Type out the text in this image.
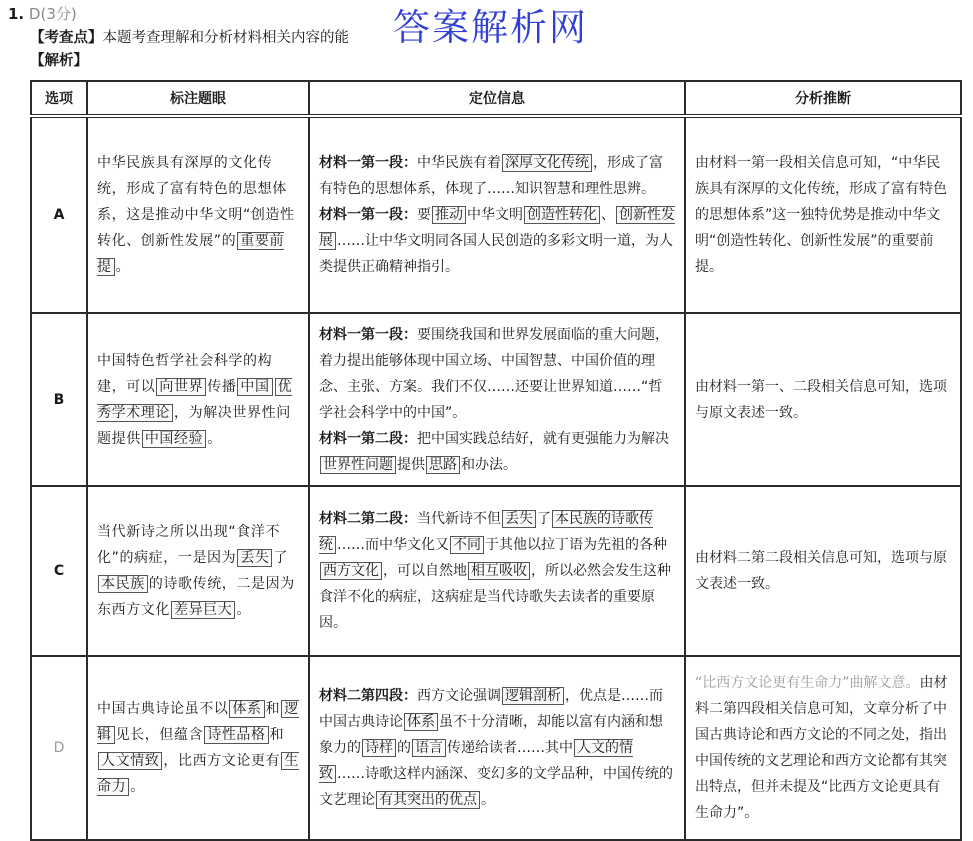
1. D(3分)
【考查点】本题考查理解和分析材料相关内容的能
【解析】
答案解析网
选项	标注题眼	定位信息	分析推断
A	中华民族具有深厚的文化传统，形成了富有特色的思想体系，这是推动中华文明“创造性转化、创新性发展”的 重要前提 。	材料一第一段：中华民族有着 深厚文化传统 ，形成了富有特色的思想体系，体现了……知识智慧和理性思辨。
材料一第一段：要 推动 中华文明 创造性转化 、 创新性发展 ……让中华文明同各国人民创造的多彩文明一道，为人类提供正确精神指引。	由材料一第一段相关信息可知，“中华民族具有深厚的文化传统，形成了富有特色的思想体系”这一独特优势是推动中华文明“创造性转化、创新性发展”的重要前提。
B	中国特色哲学社会科学的构建，可以 向世界 传播 中国 优秀学术理论 ，为解决世界性问题提供 中国经验 。	材料一第一段：要围绕我国和世界发展面临的重大问题，着力提出能够体现中国立场、中国智慧、中国价值的理念、主张、方案。我们不仅……还要让世界知道……“哲学社会科学中的中国”。
材料一第二段：把中国实践总结好，就有更强能力为解决世界性问题 提供 思路 和办法。	由材料一第一、二段相关信息可知，选项与原文表述一致。
C	当代新诗之所以出现“食洋不化”的病症，一是因为 丢失 了本民族 的诗歌传统，二是因为东西方文化 差异巨大 。	材料二第二段：当代新诗不但 丢失 了 本民族的诗歌传统 ……而中华文化又 不同 于其他以拉丁语为先祖的各种西方文化 ，可以自然地 相互吸收 ，所以必然会发生这种食洋不化的病症，这病症是当代诗歌失去读者的重要原因。	由材料二第二段相关信息可知，选项与原文表述一致。
D	中国古典诗论虽不以 体系 和 逻辑 见长，但蕴含 诗性品格 和人文情致 ，比西方文论更有 生命力 。	材料二第四段：西方文论强调 逻辑剖析 ，优点是……而中国古典诗论 体系 虽不十分清晰，却能以富有内涵和想象力的 诗样 的 语言 传递给读者……其中 人文的情致 ……诗歌这样内涵深、变幻多的文学品种，中国传统的文艺理论 有其突出的优点 。	“比西方文论更有生命力”曲解文意。由材料二第四段相关信息可知，文章分析了中国古典诗论和西方文论的不同之处，指出中国传统的文艺理论和西方文论都有其突出特点，但并未提及“比西方文论更具有生命力”。
